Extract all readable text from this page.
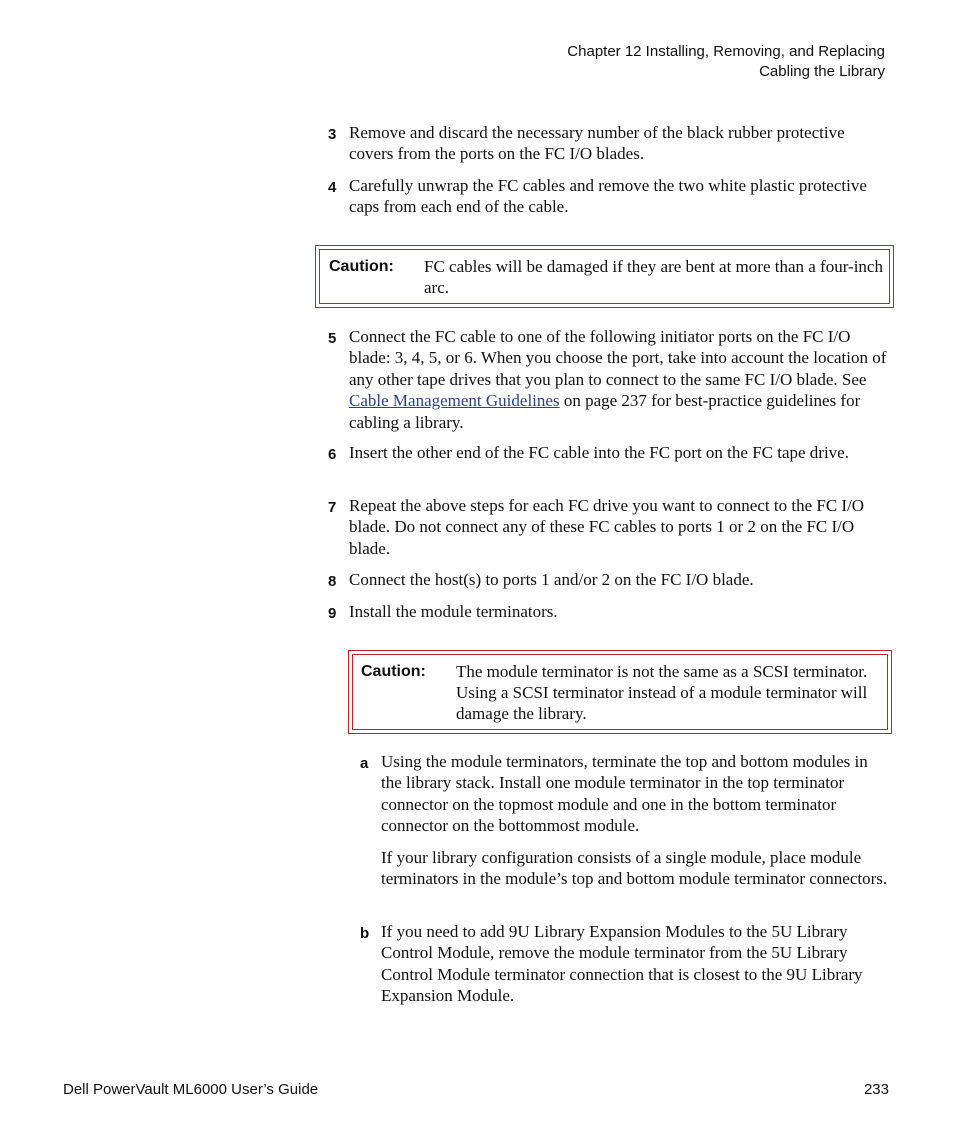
Chapter 12 Installing, Removing, and Replacing
Cabling the Library
3 Remove and discard the necessary number of the black rubber protective covers from the ports on the FC I/O blades.
4 Carefully unwrap the FC cables and remove the two white plastic protective caps from each end of the cable.
Caution: FC cables will be damaged if they are bent at more than a four-inch arc.
5 Connect the FC cable to one of the following initiator ports on the FC I/O blade: 3, 4, 5, or 6. When you choose the port, take into account the location of any other tape drives that you plan to connect to the same FC I/O blade. See Cable Management Guidelines on page 237 for best-practice guidelines for cabling a library.
6 Insert the other end of the FC cable into the FC port on the FC tape drive.
7 Repeat the above steps for each FC drive you want to connect to the FC I/O blade. Do not connect any of these FC cables to ports 1 or 2 on the FC I/O blade.
8 Connect the host(s) to ports 1 and/or 2 on the FC I/O blade.
9 Install the module terminators.
Caution: The module terminator is not the same as a SCSI terminator. Using a SCSI terminator instead of a module terminator will damage the library.
a Using the module terminators, terminate the top and bottom modules in the library stack. Install one module terminator in the top terminator connector on the topmost module and one in the bottom terminator connector on the bottommost module.
If your library configuration consists of a single module, place module terminators in the module’s top and bottom module terminator connectors.
b If you need to add 9U Library Expansion Modules to the 5U Library Control Module, remove the module terminator from the 5U Library Control Module terminator connection that is closest to the 9U Library Expansion Module.
Dell PowerVault ML6000 User’s Guide	233
